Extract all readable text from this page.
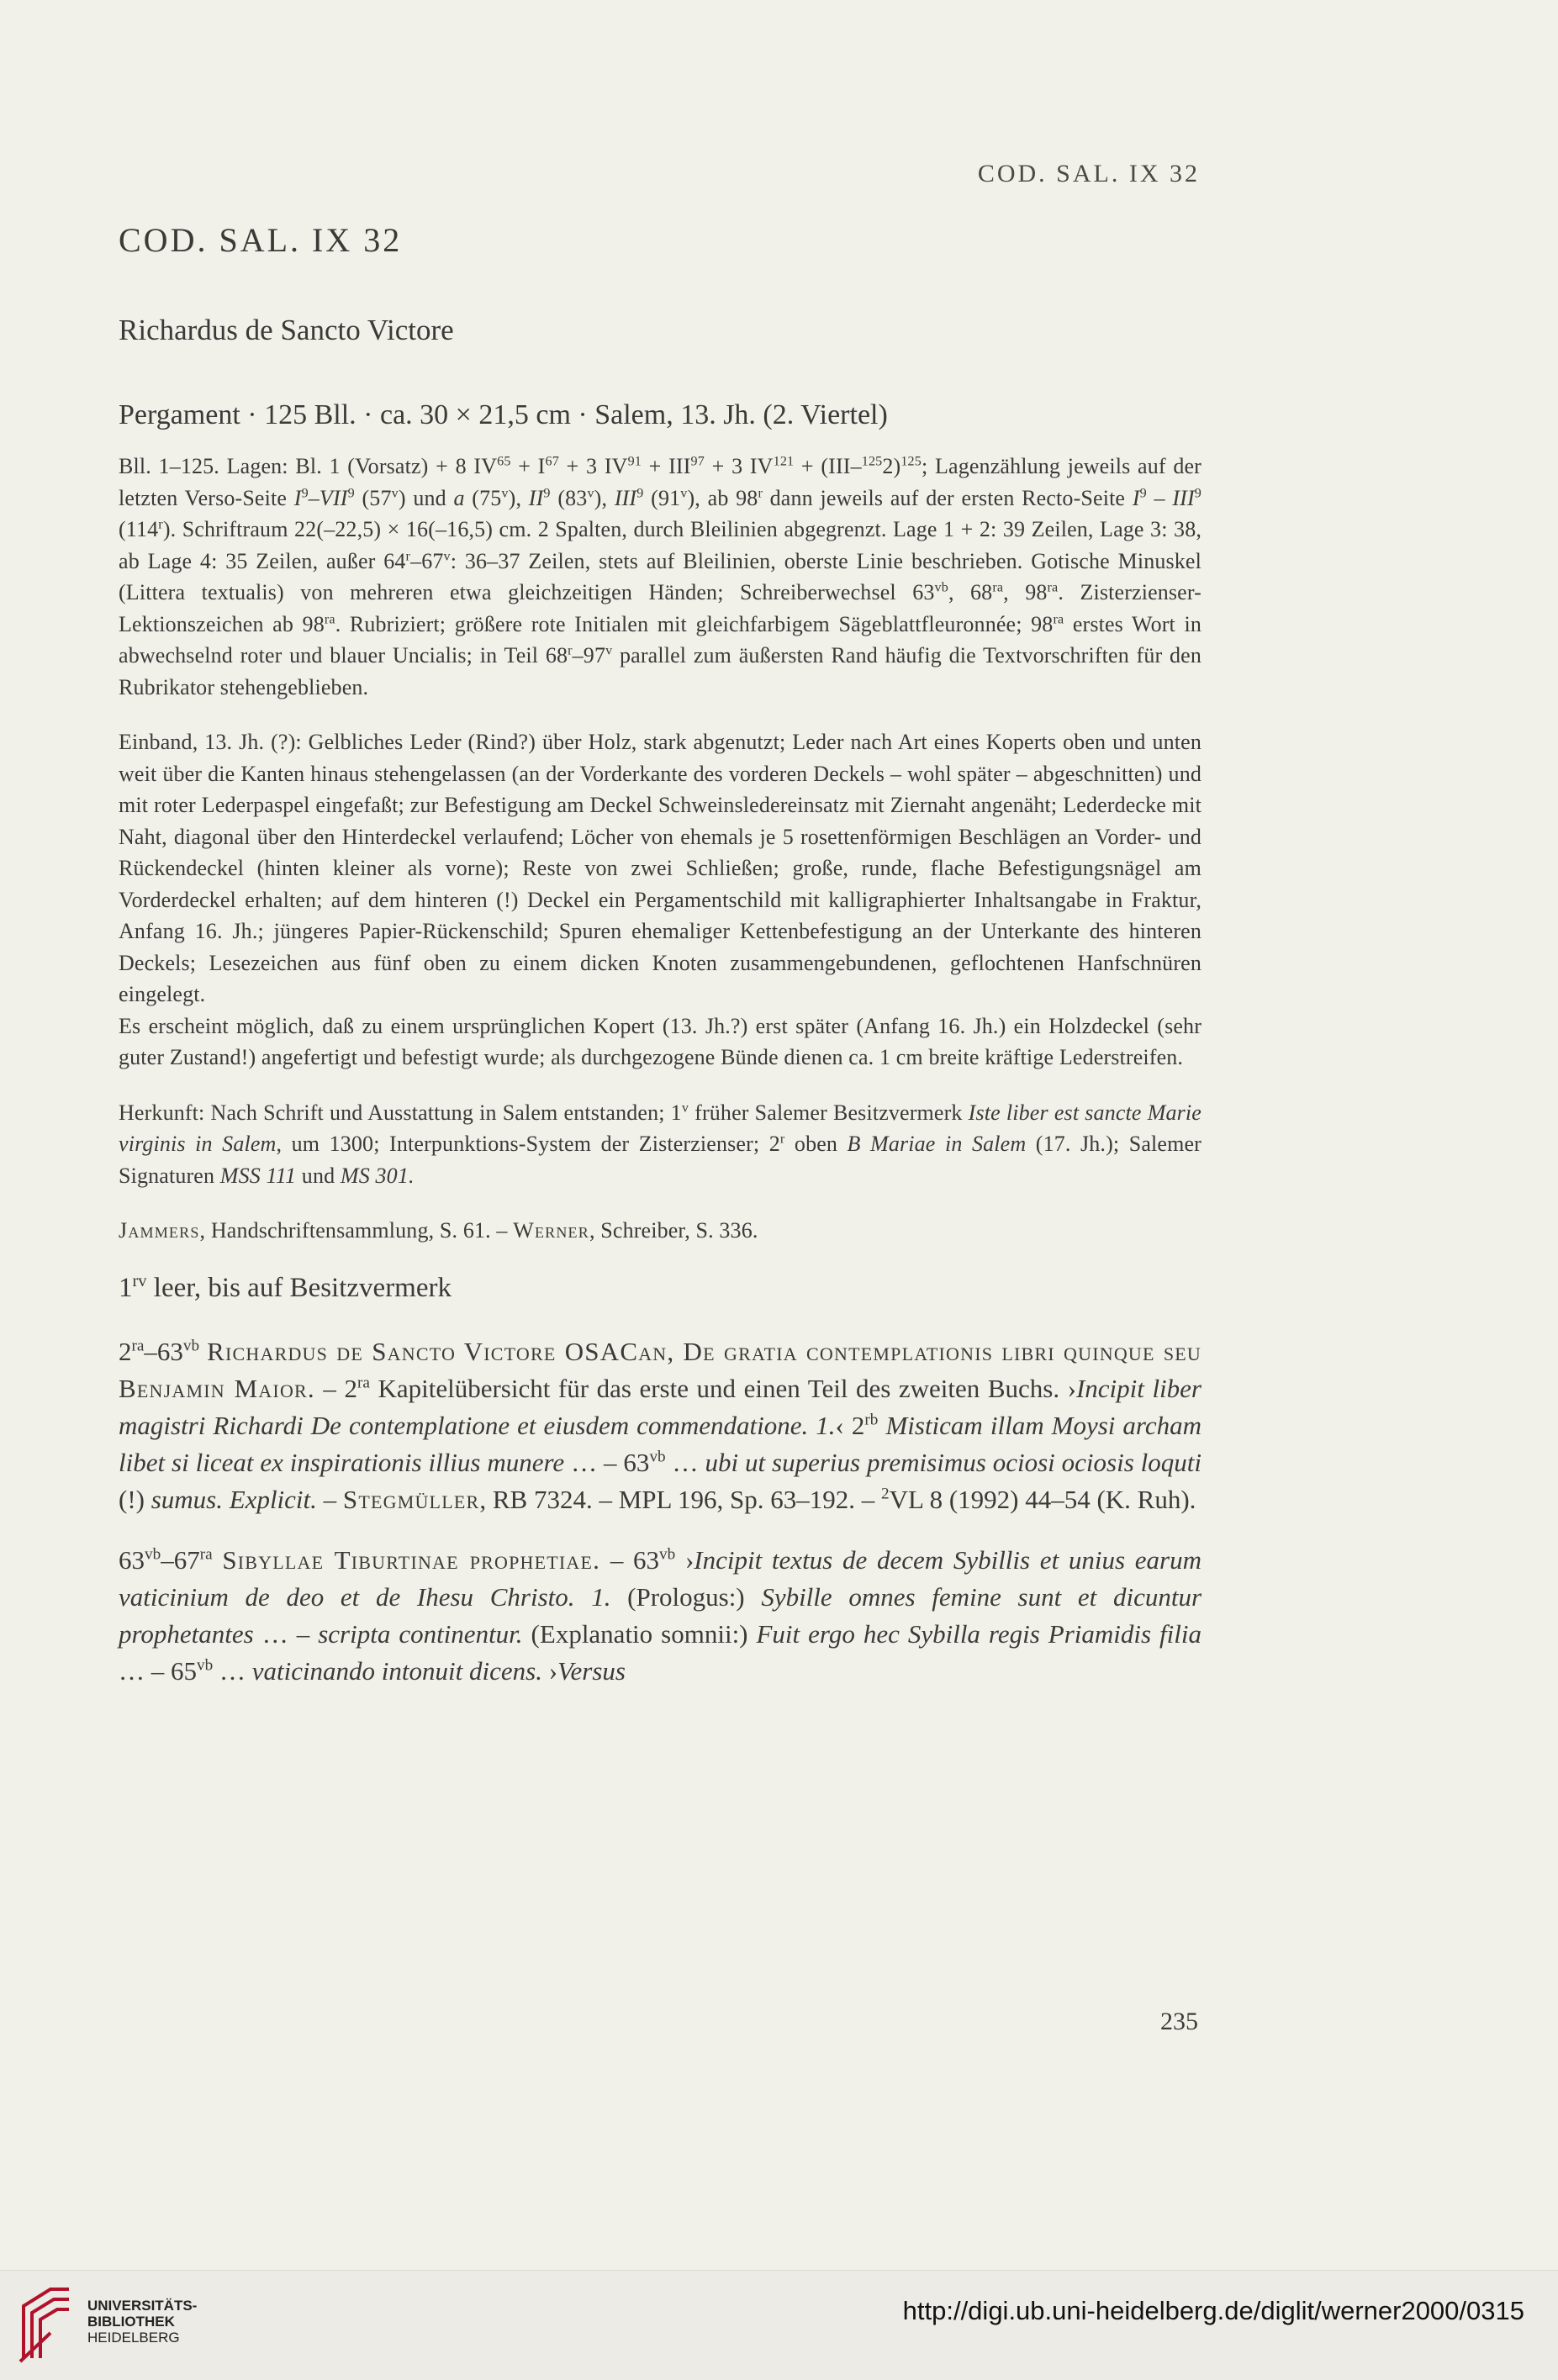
COD. SAL. IX 32
COD. SAL. IX 32
Richardus de Sancto Victore
Pergament · 125 Bll. · ca. 30 × 21,5 cm · Salem, 13. Jh. (2. Viertel)

Bll. 1–125. Lagen: Bl. 1 (Vorsatz) + 8 $IV^{65} + I^{67} + 3$ $IV^{91} + III^{97} + 3$ $IV^{121} + (III-^{125}2)^{125}$; Lagenzählung jeweils auf der letzten Verso-Seite $I^9-VII^9$ (57$^v$) und a (75$^v$), $II^9$ (83$^v$), III$^9$ (91$^v$), ab 98$^r$ dann jeweils auf der ersten Recto-Seite $I^9 - III^9$ (114$^r$). Schriftraum 22(–22,5) × 16(–16,5) cm. 2 Spalten, durch Bleilinien abgegrenzt. Lage 1 + 2: 39 Zeilen, Lage 3: 38, ab Lage 4: 35 Zeilen, außer 64$^r$–67$^v$: 36–37 Zeilen, stets auf Bleilinien, oberste Linie beschrieben. Gotische Minuskel (Littera textualis) von mehreren etwa gleichzeitigen Händen; Schreiberwechsel $63^{vb}$, $68^{ra}$, $98^{ra}$. Zisterzienser-Lektionszeichen ab $98^{ra}$. Rubriziert; größere rote Initialen mit gleichfarbigem Sägeblattfleuronnée; $98^{ra}$ erstes Wort in abwechselnd roter und blauer Uncialis; in Teil 68$^r$–97$^v$ parallel zum äußersten Rand häufig die Textvorschriften für den Rubrikator stehengeblieben.

Einband, 13. Jh. (?): Gelbliches Leder (Rind?) über Holz, stark abgenutzt; Leder nach Art eines Koperts oben und unten weit über die Kanten hinaus stehengelassen (an der Vorderkante des vorderen Deckels – wohl später – abgeschnitten) und mit roter Lederpaspel eingefaßt; zur Befestigung am Deckel Schweinsledereinsatz mit Ziernaht angenäht; Lederdecke mit Naht, diagonal über den Hinterdeckel verlaufend; Löcher von ehemals je 5 rosettenförmigen Beschlägen an Vorder- und Rückendeckel (hinten kleiner als vorne); Reste von zwei Schließen; große, runde, flache Befestigungsnägel am Vorderdeckel erhalten; auf dem hinteren (!) Deckel ein Pergamentschild mit kalligraphierter Inhaltsangabe in Fraktur, Anfang 16. Jh.; jüngeres Papier-Rückenschild; Spuren ehemaliger Kettenbefestigung an der Unterkante des hinteren Deckels; Lesezeichen aus fünf oben zu einem dicken Knoten zusammengebundenen, geflochtenen Hanfschnüren eingelegt.

Es erscheint möglich, daß zu einem ursprünglichen Kopert (13. Jh.?) erst später (Anfang 16. Jh.) ein Holzdeckel (sehr guter Zustand!) angefertigt und befestigt wurde; als durchgezogene Bünde dienen ca. 1 cm breite kräftige Lederstreifen.

Herkunft: Nach Schrift und Ausstattung in Salem entstanden; 1$^v$ früher Salemer Besitzvermerk Iste liber est sancte Marie virginis in Salem, um 1300; Interpunktions-System der Zisterzienser; 2$^r$ oben B Mariae in Salem (17. Jh.); Salemer Signaturen MSS 111 und MS 301.

Jammers, Handschriftensammlung, S. 61. – Werner, Schreiber, S. 336.

$1^{rv}$ leer, bis auf Besitzvermerk

$2^{ra}-63^{vb}$ Richardus de Sancto Victore OSACan, De gratia contemplationis libri quinque seu Benjamin Maior. – $2^{ra}$ Kapitelübersicht für das erste und einen Teil des zweiten Buchs. ›Incipit liber magistri Richardi De contemplatione et eiusdem commendatione. 1.‹ $2^{rb}$ Misticam illam Moysi archam libet si liceat ex inspirationis illius munere … – $63^{vb}$ … ubi ut superius premisimus ociosi ociosis loquti (!) sumus. Explicit. – Stegmüller, RB 7324. – MPL 196, Sp. 63–192. – $^2$VL 8 (1992) 44–54 (K. Ruh).

$63^{vb}-67^{ra}$ Sibyllae Tiburtinae prophetiae. – $63^{vb}$ ›Incipit textus de decem Sybillis et unius earum vaticinium de deo et de Ihesu Christo. 1. (Prologus:) Sybille omnes femine sunt et dicuntur prophetantes … – scripta continentur. (Explanatio somnii:) Fuit ergo hec Sybilla regis Priamidis filia … – $65^{vb}$ … vaticinando intonuit dicens. ›Versus

235
UNIVERSITÄTS-
BIBLIOTHEK
HEIDELBERG
http://digi.ub.uni-heidelberg.de/diglit/werner2000/0315
